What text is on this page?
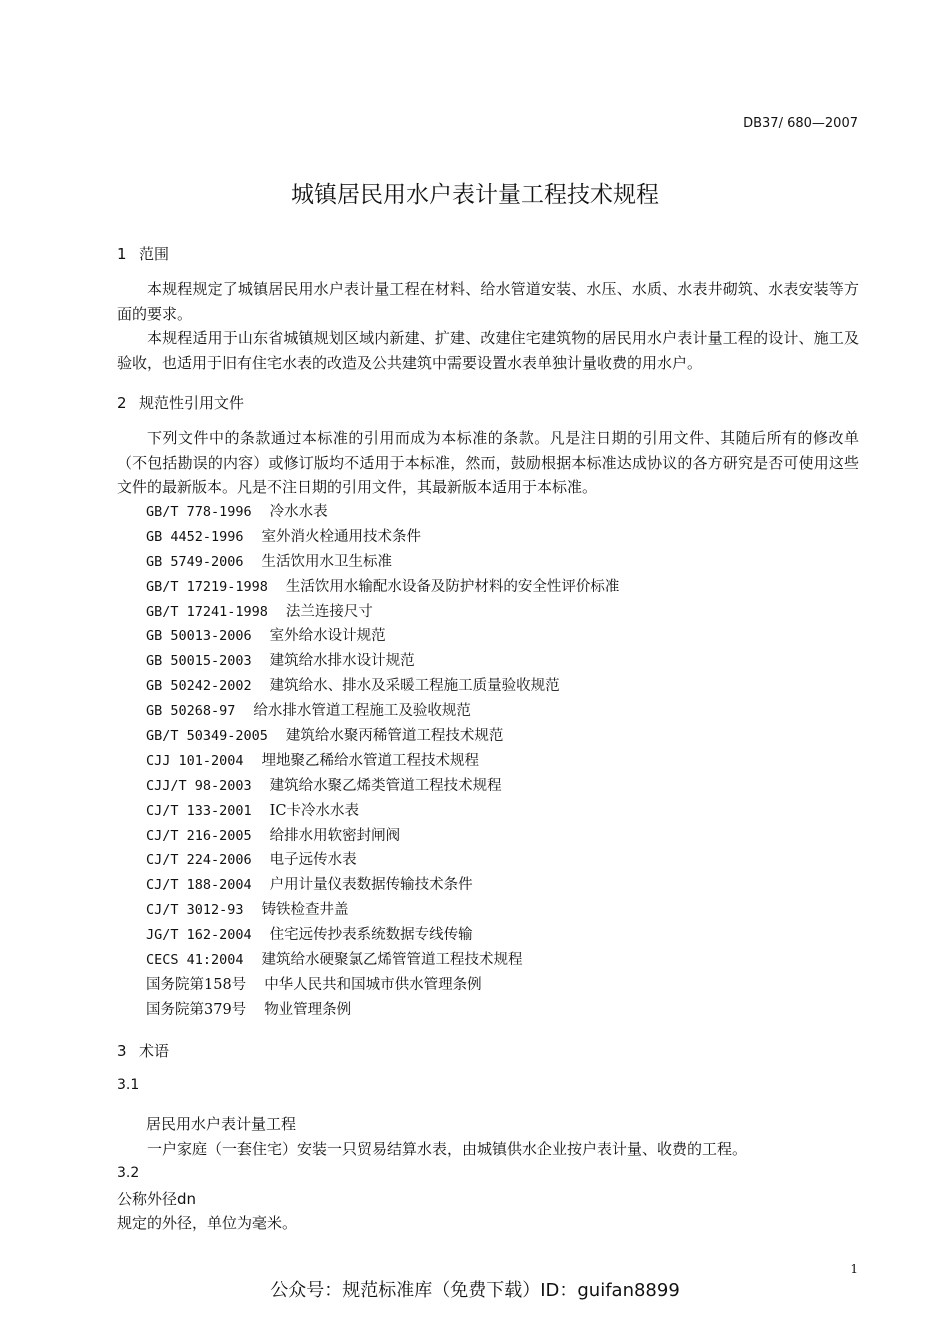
DB37/ 680—2007
城镇居民用水户表计量工程技术规程
1 范围
本规程规定了城镇居民用水户表计量工程在材料、给水管道安装、水压、水质、水表井砌筑、水表安装等方面的要求。
本规程适用于山东省城镇规划区域内新建、扩建、改建住宅建筑物的居民用水户表计量工程的设计、施工及验收，也适用于旧有住宅水表的改造及公共建筑中需要设置水表单独计量收费的用水户。
2 规范性引用文件
下列文件中的条款通过本标准的引用而成为本标准的条款。凡是注日期的引用文件、其随后所有的修改单（不包括勘误的内容）或修订版均不适用于本标准，然而，鼓励根据本标准达成协议的各方研究是否可使用这些文件的最新版本。凡是不注日期的引用文件，其最新版本适用于本标准。
GB/T 778-1996 冷水水表
GB 4452-1996 室外消火栓通用技术条件
GB 5749-2006 生活饮用水卫生标准
GB/T 17219-1998 生活饮用水输配水设备及防护材料的安全性评价标准
GB/T 17241-1998 法兰连接尺寸
GB 50013-2006 室外给水设计规范
GB 50015-2003 建筑给水排水设计规范
GB 50242-2002 建筑给水、排水及采暖工程施工质量验收规范
GB 50268-97 给水排水管道工程施工及验收规范
GB/T 50349-2005 建筑给水聚丙稀管道工程技术规范
CJJ 101-2004 埋地聚乙稀给水管道工程技术规程
CJJ/T 98-2003 建筑给水聚乙烯类管道工程技术规程
CJ/T 133-2001 IC卡冷水水表
CJ/T 216-2005 给排水用软密封闸阀
CJ/T 224-2006 电子远传水表
CJ/T 188-2004 户用计量仪表数据传输技术条件
CJ/T 3012-93 铸铁检查井盖
JG/T 162-2004 住宅远传抄表系统数据专线传输
CECS 41:2004 建筑给水硬聚氯乙烯管管道工程技术规程
国务院第158号 中华人民共和国城市供水管理条例
国务院第379号 物业管理条例
3 术语
3.1
居民用水户表计量工程
一户家庭（一套住宅）安装一只贸易结算水表，由城镇供水企业按户表计量、收费的工程。
3.2
公称外径dn
规定的外径，单位为毫米。
1
公众号：规范标准库（免费下载）ID：guifan8899
